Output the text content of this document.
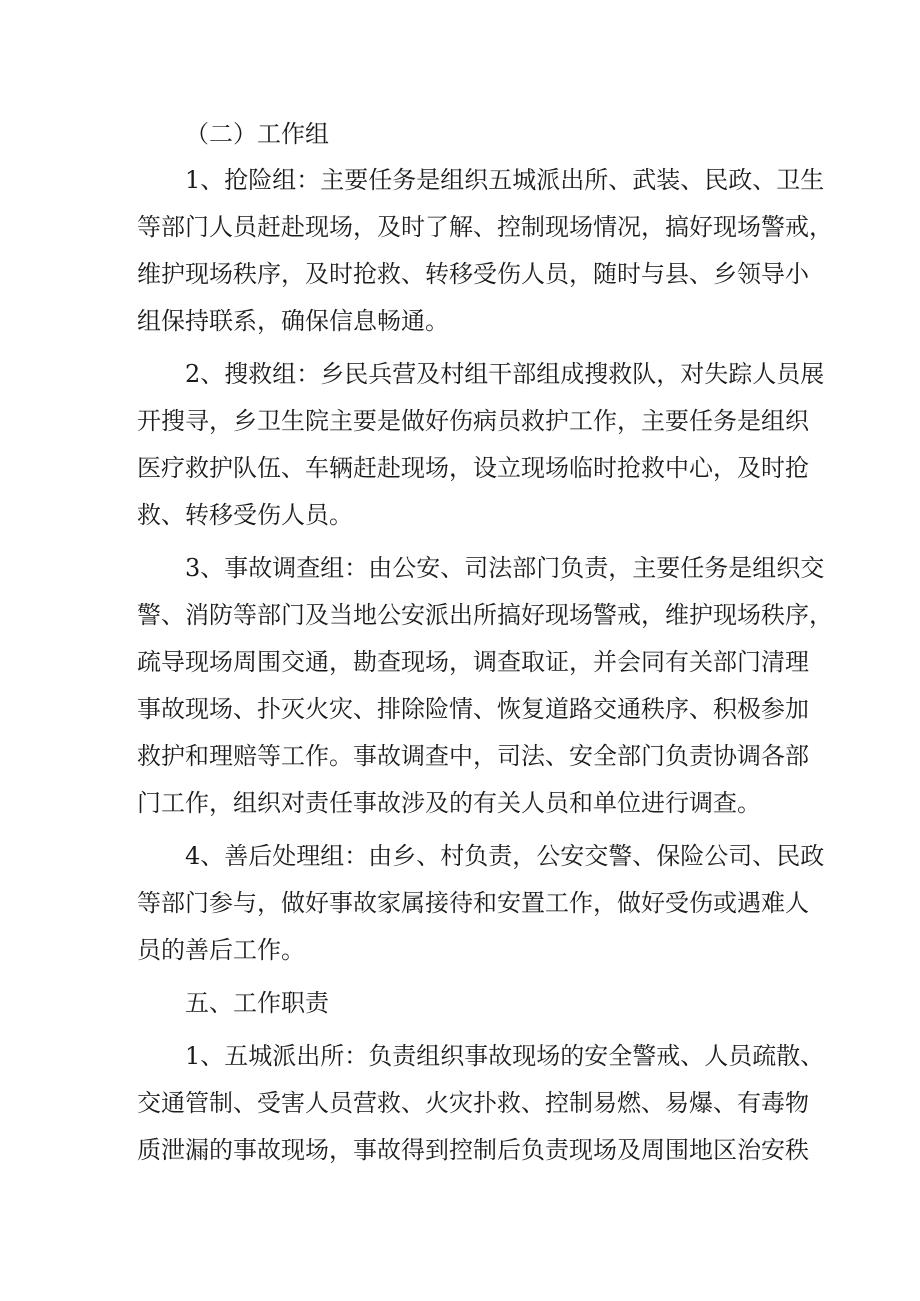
（二）工作组
1、抢险组：主要任务是组织五城派出所、武装、民政、卫生
等部门人员赶赴现场，及时了解、控制现场情况，搞好现场警戒，
维护现场秩序，及时抢救、转移受伤人员，随时与县、乡领导小
组保持联系，确保信息畅通。
2、搜救组：乡民兵营及村组干部组成搜救队，对失踪人员展
开搜寻，乡卫生院主要是做好伤病员救护工作，主要任务是组织
医疗救护队伍、车辆赶赴现场，设立现场临时抢救中心，及时抢
救、转移受伤人员。
3、事故调查组：由公安、司法部门负责，主要任务是组织交
警、消防等部门及当地公安派出所搞好现场警戒，维护现场秩序，
疏导现场周围交通，勘查现场，调查取证，并会同有关部门清理
事故现场、扑灭火灾、排除险情、恢复道路交通秩序、积极参加
救护和理赔等工作。事故调查中，司法、安全部门负责协调各部
门工作，组织对责任事故涉及的有关人员和单位进行调查。
4、善后处理组：由乡、村负责，公安交警、保险公司、民政
等部门参与，做好事故家属接待和安置工作，做好受伤或遇难人
员的善后工作。
五、工作职责
1、五城派出所：负责组织事故现场的安全警戒、人员疏散、
交通管制、受害人员营救、火灾扑救、控制易燃、易爆、有毒物
质泄漏的事故现场，事故得到控制后负责现场及周围地区治安秩
